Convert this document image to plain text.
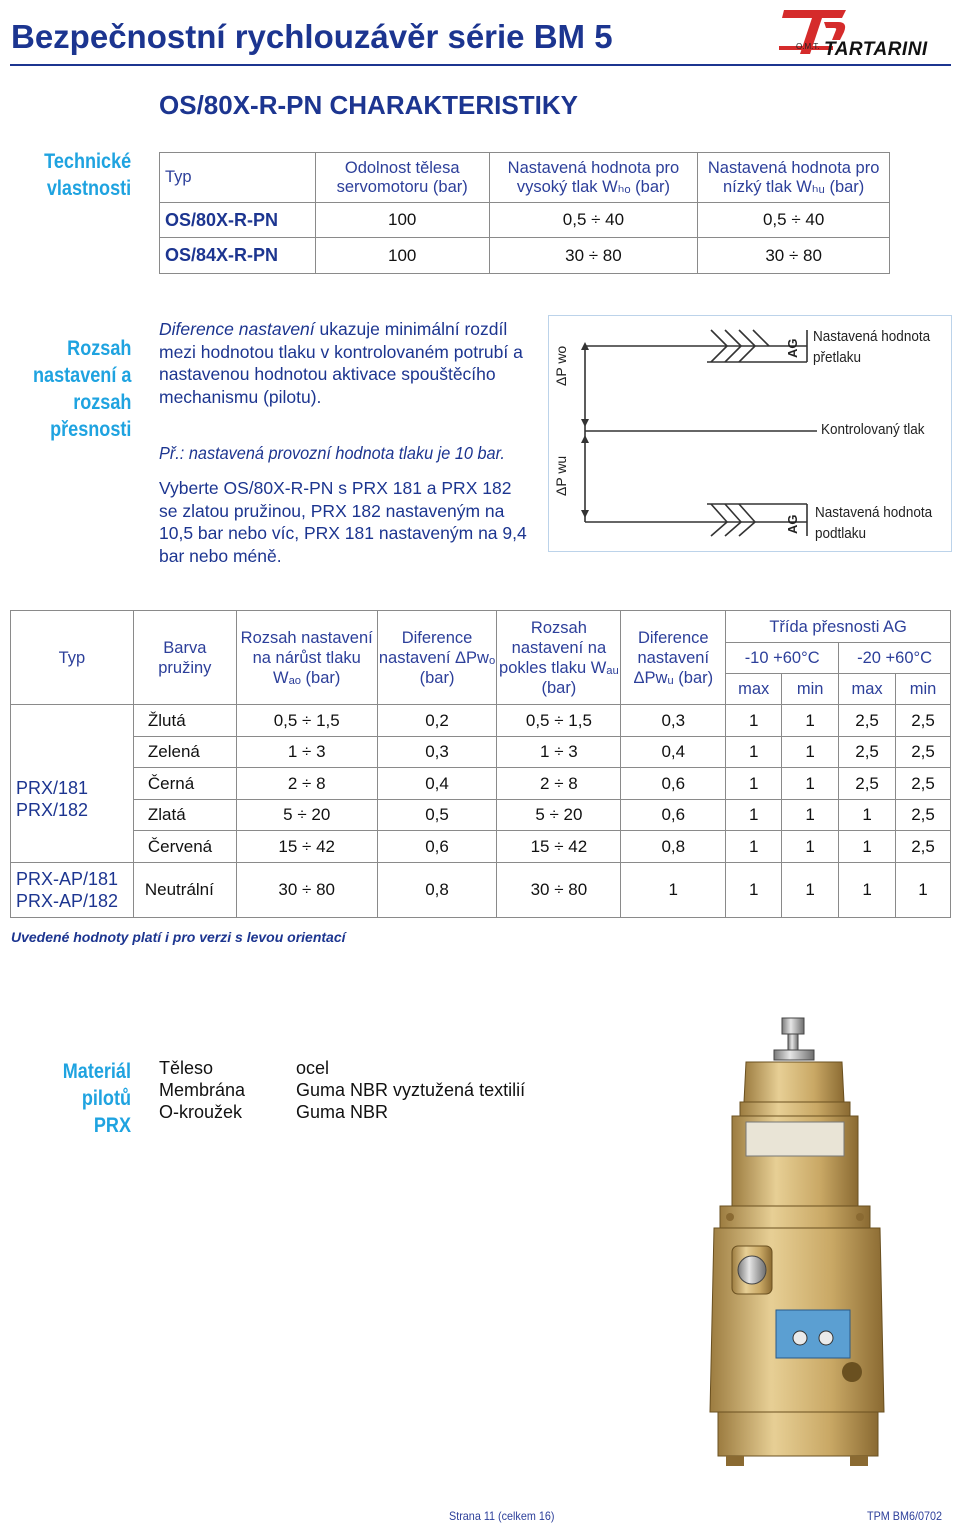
Bezpečnostní rychlouzávěr série BM 5	O.M.T. TARTARINI
OS/80X-R-PN CHARAKTERISTIKY
Technické
vlastnosti Typ	Odolnost tělesa servomotoru (bar)	Nastavená hodnota pro vysoký tlak Wₕₒ (bar)	Nastavená hodnota pro nízký tlak Wₕᵤ (bar)
OS/80X-R-PN	100	0,5 ÷ 40	0,5 ÷ 40
OS/84X-R-PN	100	30 ÷ 80	30 ÷ 80
Rozsah
nastavení a
rozsah
přesnosti
Diference nastavení ukazuje minimální rozdíl mezi hodnotou tlaku v kontrolovaném potrubí a nastavenou hodnotou aktivace spouštěcího mechanismu (pilotu).
Př.: nastavená provozní hodnota tlaku je 10 bar.
Vyberte OS/80X-R-PN s PRX 181 a PRX 182 se zlatou pružinou, PRX 182 nastaveným na 10,5 bar nebo víc, PRX 181 nastaveným na 9,4 bar nebo méně.
ΔP wo
ΔP wu
AG
AG
Nastavená hodnota
přetlaku
Kontrolovaný tlak
Nastavená hodnota
podtlaku
Typ	Barva pružiny	Rozsah nastavení na nárůst tlaku Wₐₒ (bar)	Diference nastavení ΔPwₒ (bar)	Rozsah nastavení na pokles tlaku Wₐᵤ (bar)	Diference nastavení ΔPwᵤ (bar)	Třída přesnosti AG			
						-10 +60°C		-20 +60°C	
						max	min	max	min
	Žlutá	0,5 ÷ 1,5	0,2	0,5 ÷ 1,5	0,3	1	1	2,5	2,5

PRX/181
PRX/182	Zelená	1 ÷ 3	0,3	1 ÷ 3	0,4	1	1	2,5	2,5
	Černá	2 ÷ 8	0,4	2 ÷ 8	0,6	1	1	2,5	2,5
	Zlatá	5 ÷ 20	0,5	5 ÷ 20	0,6	1	1	1	2,5
	Červená	15 ÷ 42	0,6	15 ÷ 42	0,8	1	1	1	2,5

PRX-AP/181
PRX-AP/182	Neutrální	30 ÷ 80	0,8	30 ÷ 80	1	1	1	1	1
Uvedené hodnoty platí i pro verzi s levou orientací
Materiál pilotů
PRX
Těleso	ocel
Membrána	Guma NBR vyztužená textilií
O-kroužek	Guma NBR
Strana 11 (celkem 16)	TPM BM6/0702
